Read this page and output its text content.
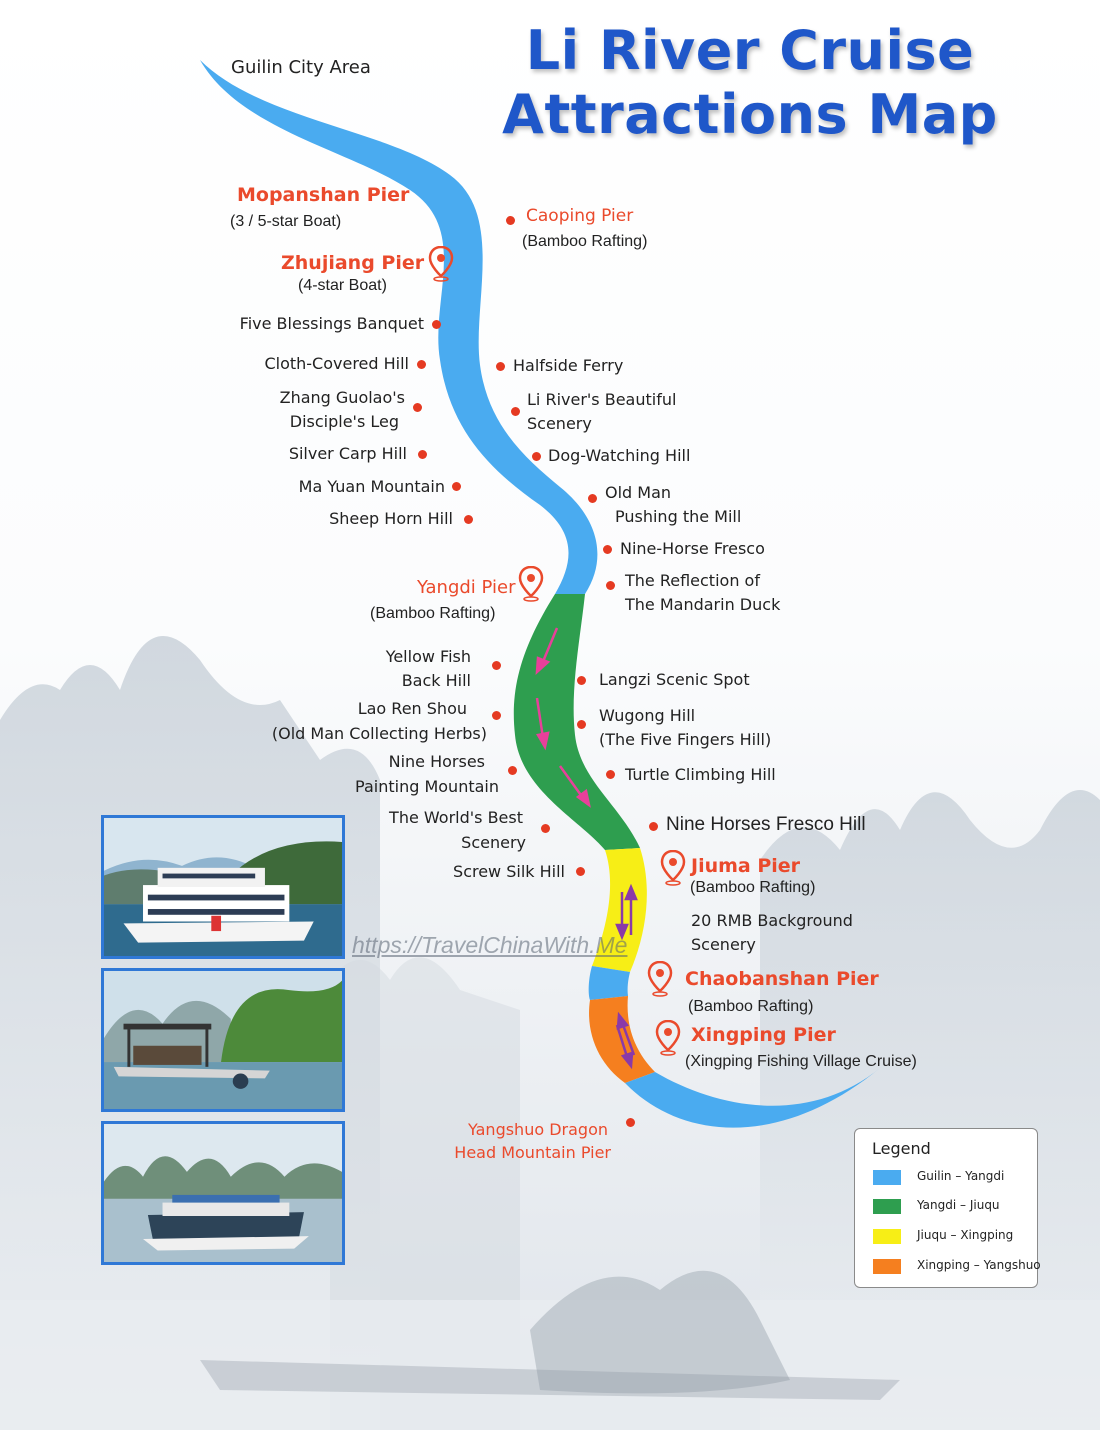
Li River Cruise
Attractions Map
Guilin City Area
Mopanshan Pier
(3 / 5-star Boat)	Caoping Pier
(Bamboo Rafting)
Zhujiang Pier
(4-star Boat)
Five Blessings Banquet
Cloth-Covered Hill
Zhang Guolao's
Disciple's Leg
Silver Carp Hill
Ma Yuan Mountain
Sheep Horn Hill
Halfside Ferry
Li River's Beautiful
Scenery
Dog-Watching Hill
Old Man
Pushing the Mill
Nine-Horse Fresco
The Reflection of
The Mandarin Duck
Yangdi Pier
(Bamboo Rafting)
Yellow Fish
Back Hill
Lao Ren Shou
(Old Man Collecting Herbs)
Nine Horses
Painting Mountain
The World's Best
Scenery
Screw Silk Hill
Langzi Scenic Spot
Wugong Hill
(The Five Fingers Hill)
Turtle Climbing Hill
Nine Horses Fresco Hill
Jiuma Pier
(Bamboo Rafting)
20 RMB Background
Scenery
Chaobanshan Pier
(Bamboo Rafting)
Xingping Pier
(Xingping Fishing Village Cruise)
Yangshuo Dragon
Head Mountain Pier
https://TravelChinaWith.Me
Legend
Guilin – Yangdi
Yangdi – Jiuqu
Jiuqu – Xingping
Xingping – Yangshuo
